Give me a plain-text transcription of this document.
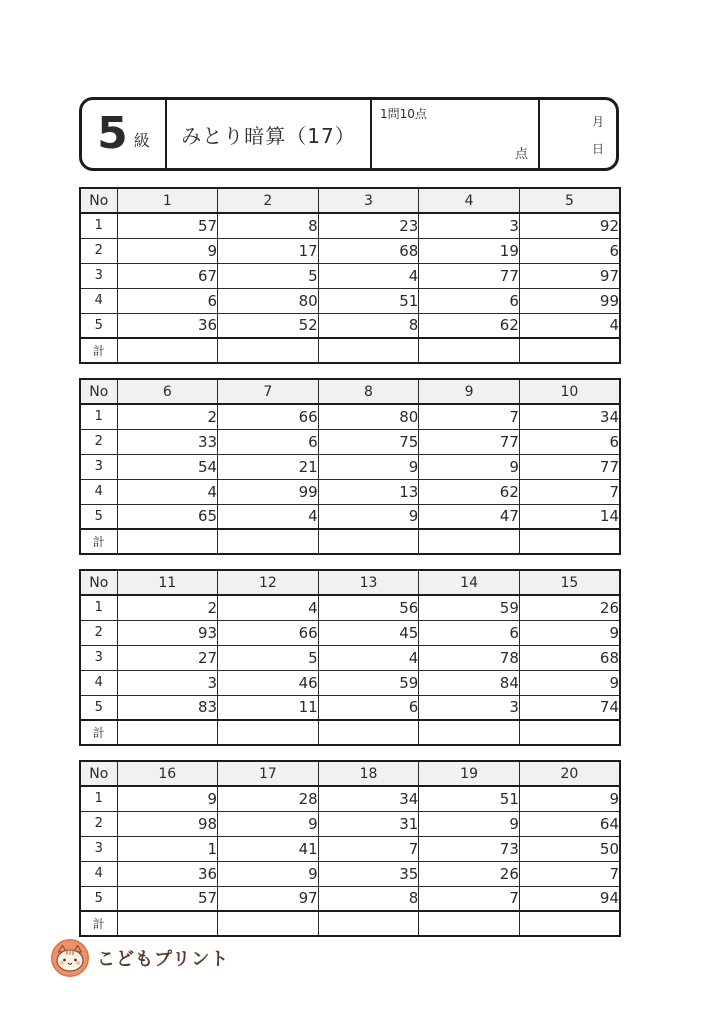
5 級	みとり暗算（17）
1問10点
点
月
日
No	1	2	3	4	5
1	57	8	23	3	92
2	9	17	68	19	6
3	67	5	4	77	97
4	6	80	51	6	99
5	36	52	8	62	4
計					
No	6	7	8	9	10
1	2	66	80	7	34
2	33	6	75	77	6
3	54	21	9	9	77
4	4	99	13	62	7
5	65	4	9	47	14
計					
No	11	12	13	14	15
1	2	4	56	59	26
2	93	66	45	6	9
3	27	5	4	78	68
4	3	46	59	84	9
5	83	11	6	3	74
計					
No	16	17	18	19	20
1	9	28	34	51	9
2	98	9	31	9	64
3	1	41	7	73	50
4	36	9	35	26	7
5	57	97	8	7	94
計					
こどもプリント
